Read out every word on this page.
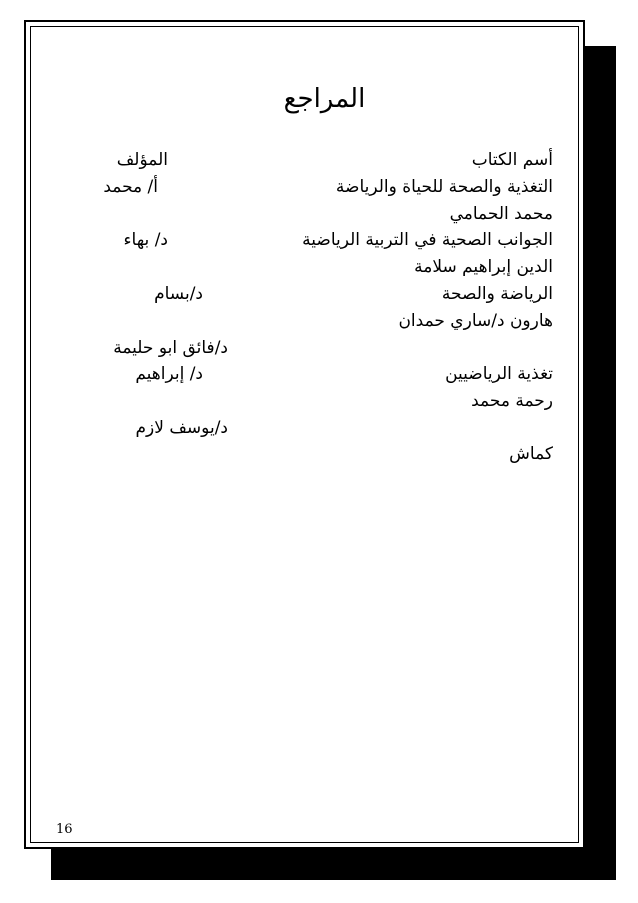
المراجع
أسم الكتاب
المؤلف
التغذية والصحة للحياة والرياضة
أ/ محمد
محمد الحمامي
الجوانب الصحية في التربية الرياضية
د/ بهاء
الدين إبراهيم سلامة
الرياضة والصحة
د/بسام
هارون د/ساري حمدان
د/فائق ابو حليمة
تغذية الرياضيين
د/ إبراهيم
رحمة محمد
د/يوسف لازم
كماش
16
